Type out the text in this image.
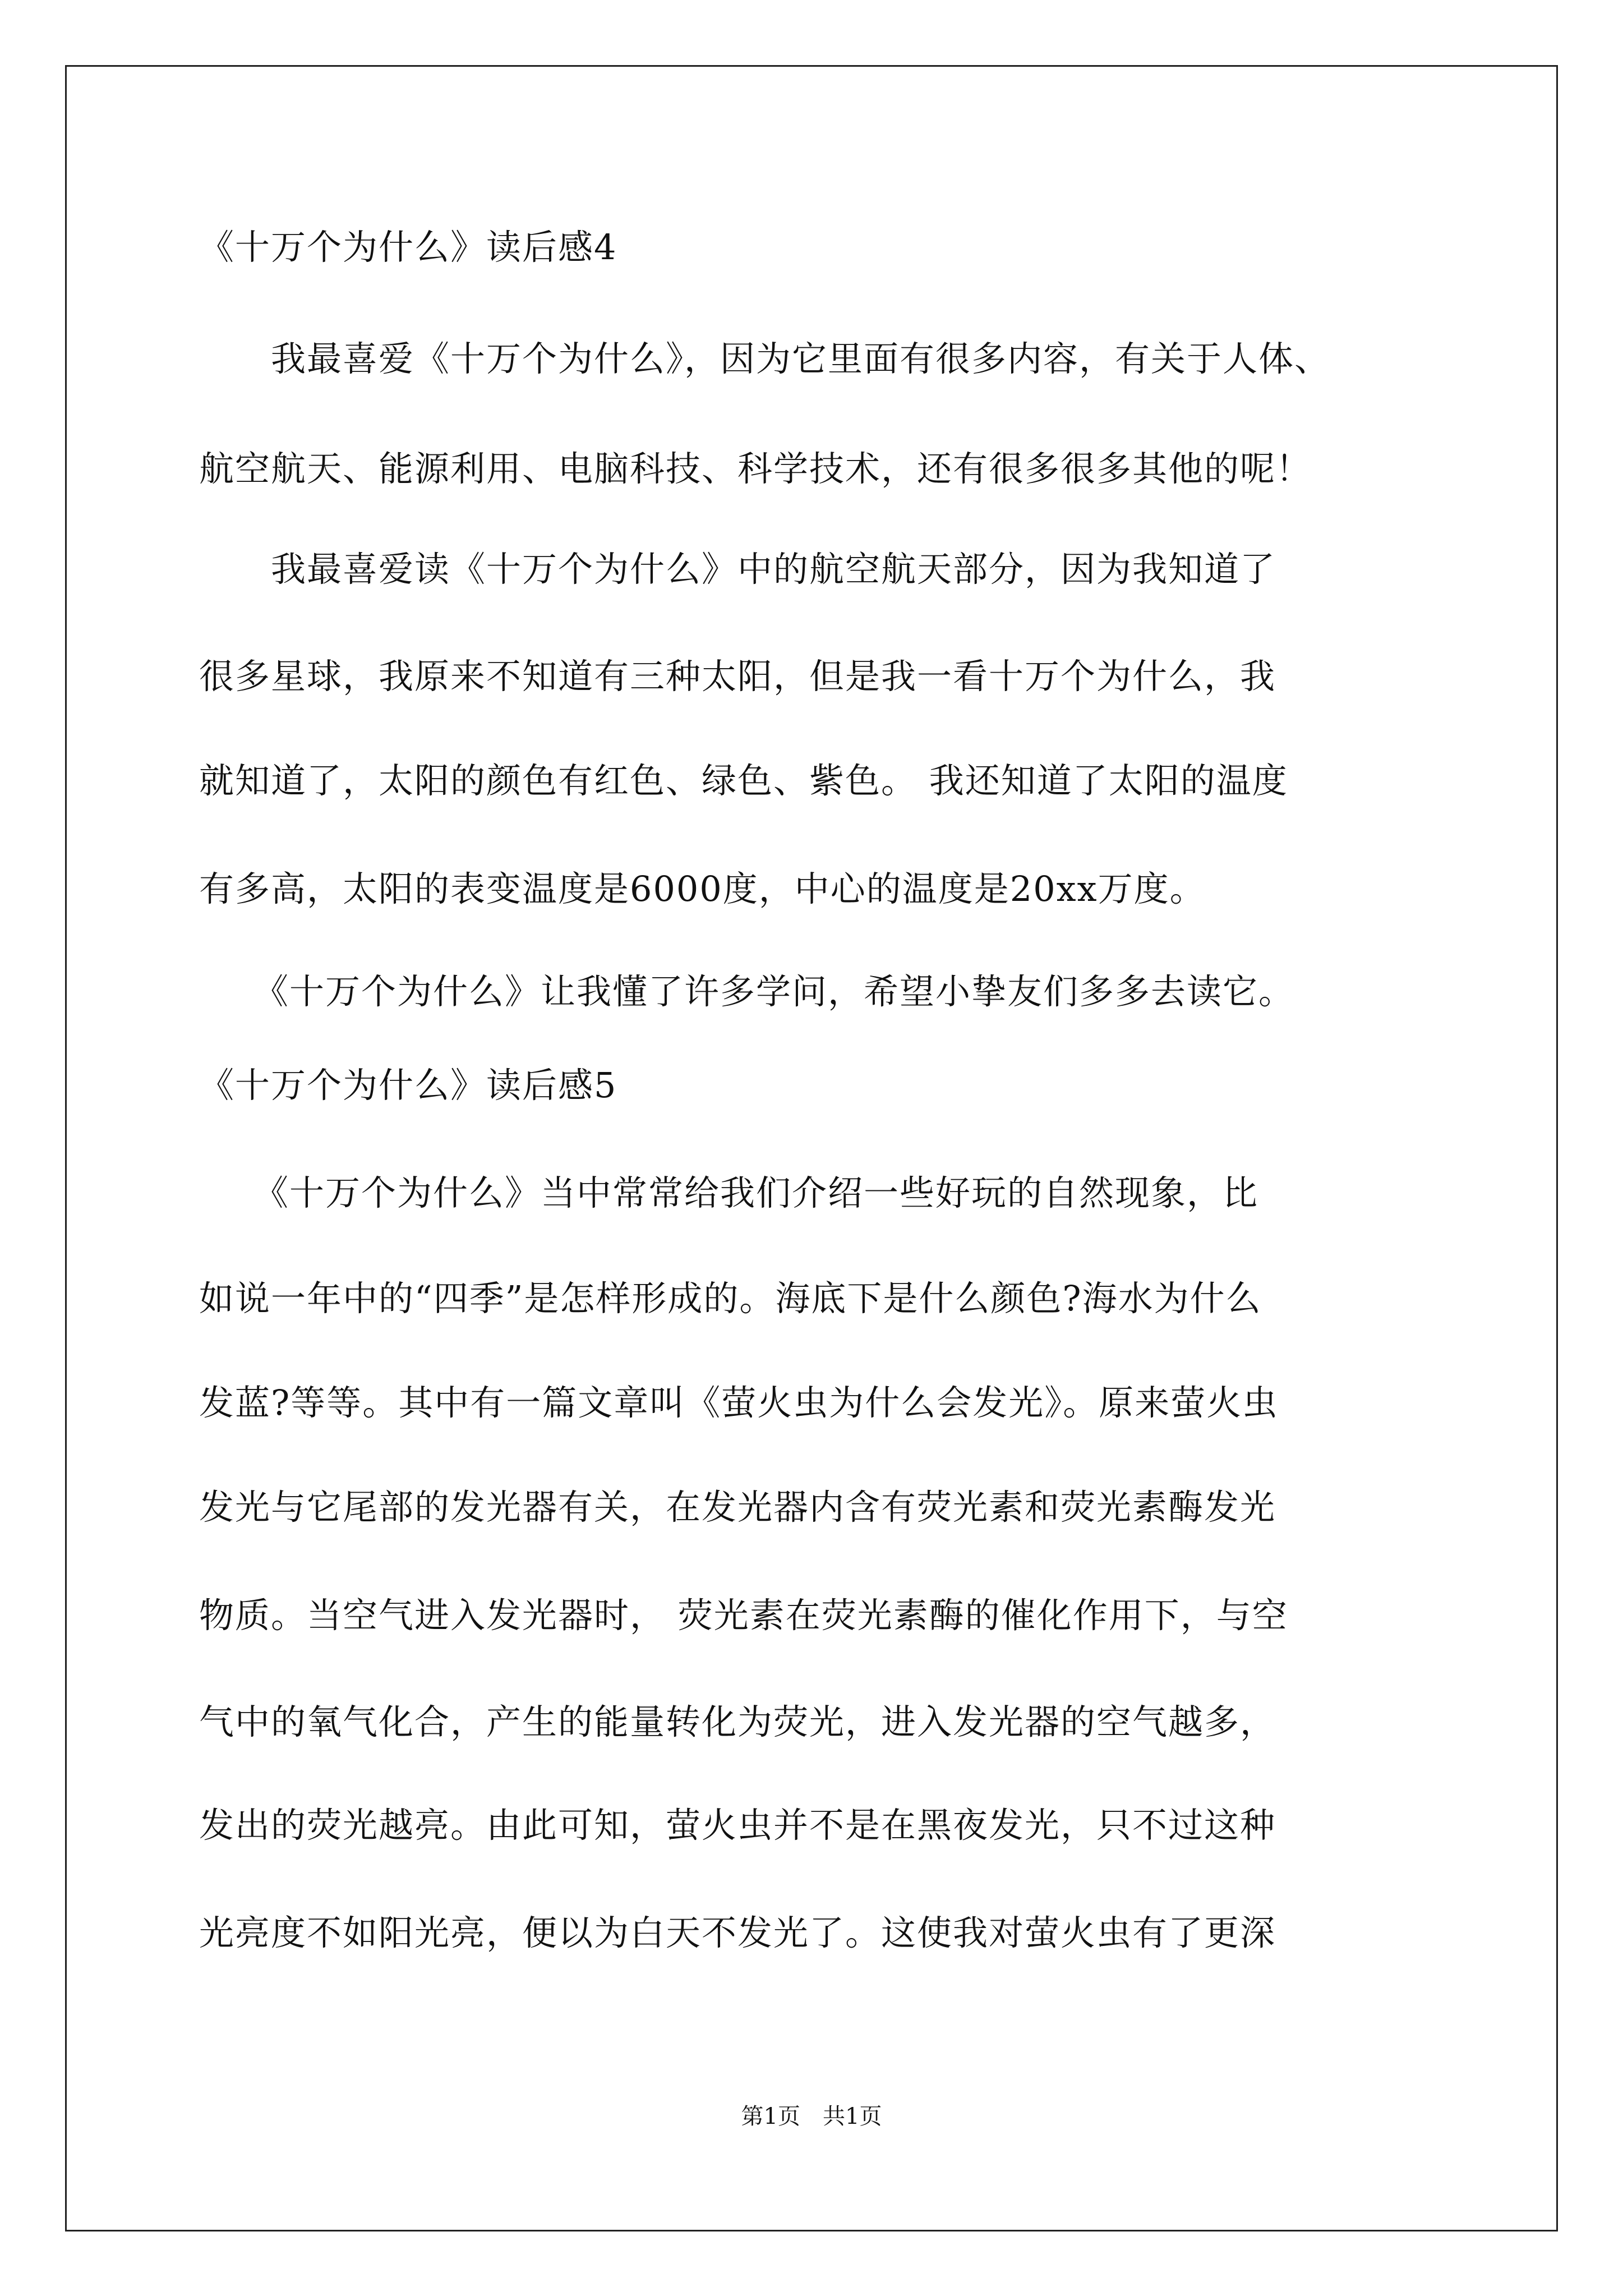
《十万个为什么》读后感4
　　我最喜爱《十万个为什么》，因为它里面有很多内容，有关于人体、
航空航天、能源利用、电脑科技、科学技术，还有很多很多其他的呢！
　　我最喜爱读《十万个为什么》中的航空航天部分，因为我知道了
很多星球，我原来不知道有三种太阳，但是我一看十万个为什么，我
就知道了，太阳的颜色有红色、绿色、紫色。 我还知道了太阳的温度
有多高，太阳的表变温度是6000度，中心的温度是20xx万度。
　　《十万个为什么》让我懂了许多学问，希望小挚友们多多去读它。
《十万个为什么》读后感5
　　《十万个为什么》当中常常给我们介绍一些好玩的自然现象，比
如说一年中的“四季”是怎样形成的。海底下是什么颜色?海水为什么
发蓝?等等。其中有一篇文章叫《萤火虫为什么会发光》。原来萤火虫
发光与它尾部的发光器有关，在发光器内含有荧光素和荧光素酶发光
物质。当空气进入发光器时， 荧光素在荧光素酶的催化作用下，与空
气中的氧气化合，产生的能量转化为荧光，进入发光器的空气越多，
发出的荧光越亮。由此可知，萤火虫并不是在黑夜发光，只不过这种
光亮度不如阳光亮，便以为白天不发光了。这使我对萤火虫有了更深
第1页　共1页
